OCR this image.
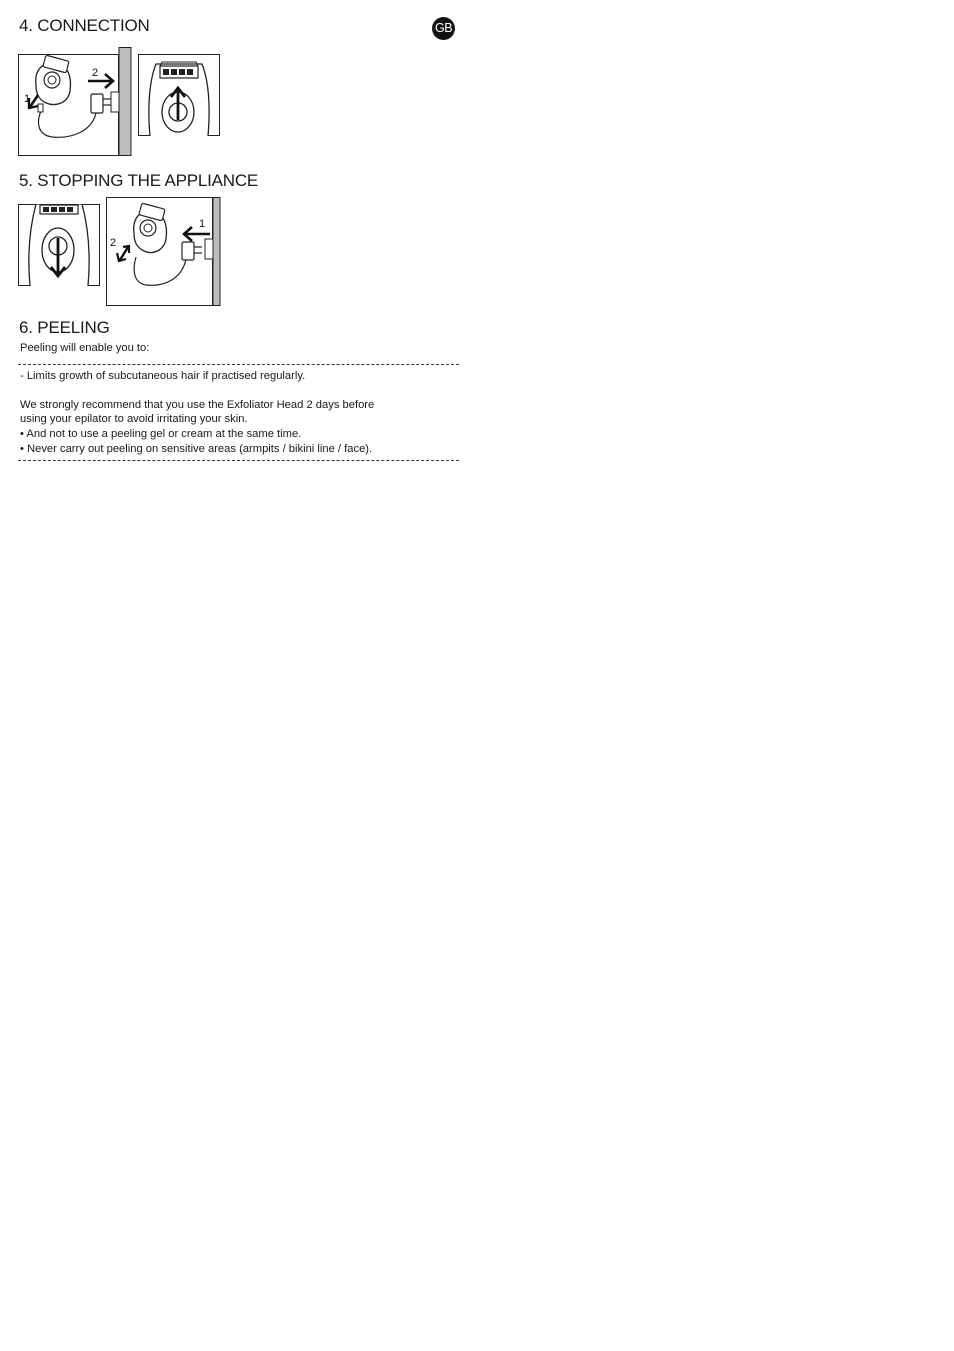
4. CONNECTION	GB
1
2
5. STOPPING THE APPLIANCE
1
2
6. PEELING
Peeling will enable you to:
- Limits growth of subcutaneous hair if practised regularly.
We strongly recommend that you use the Exfoliator Head 2 days before
using your epilator to avoid irritating your skin.
• And not to use a peeling gel or cream at the same time.
• Never carry out peeling on sensitive areas (armpits / bikini line / face).
